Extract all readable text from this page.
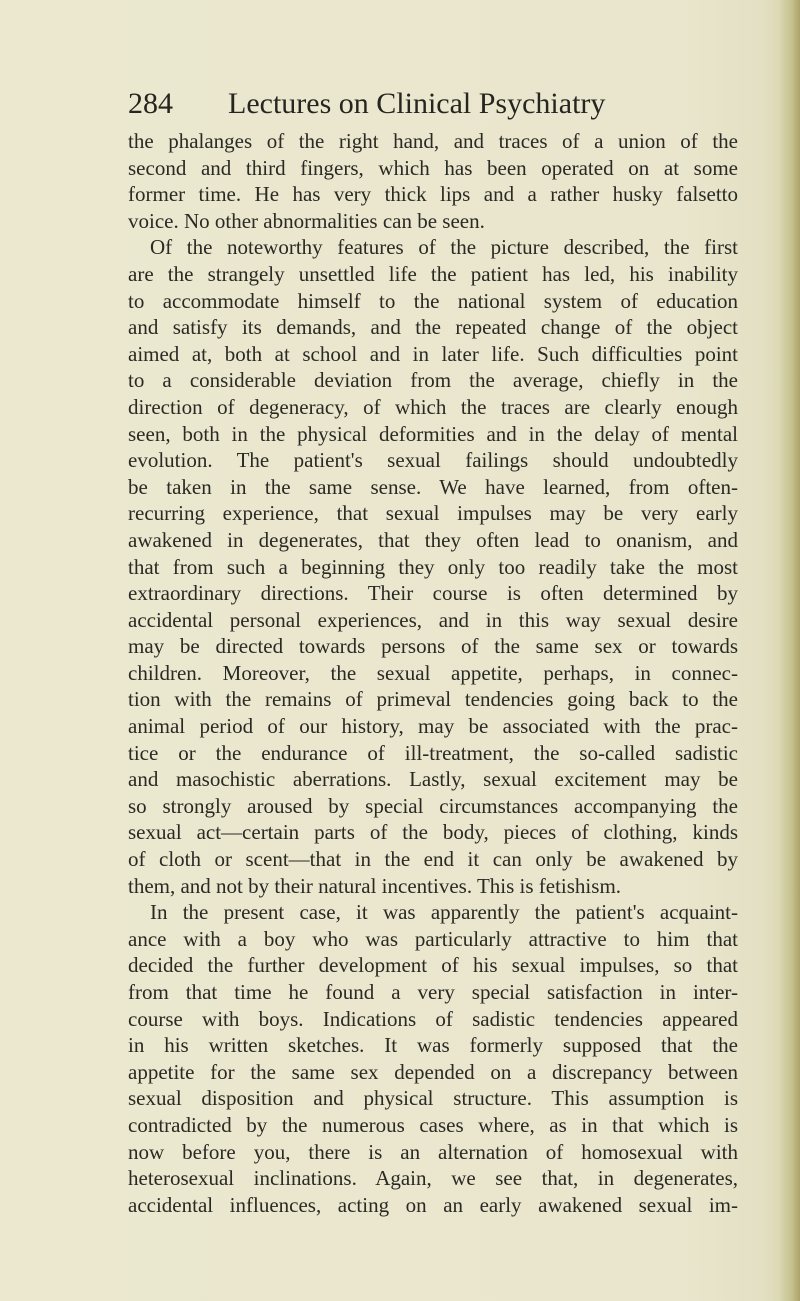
284 Lectures on Clinical Psychiatry
the phalanges of the right hand, and traces of a union of the
second and third fingers, which has been operated on at some
former time. He has very thick lips and a rather husky falsetto
voice. No other abnormalities can be seen.
Of the noteworthy features of the picture described, the first
are the strangely unsettled life the patient has led, his inability
to accommodate himself to the national system of education
and satisfy its demands, and the repeated change of the object
aimed at, both at school and in later life. Such difficulties point
to a considerable deviation from the average, chiefly in the
direction of degeneracy, of which the traces are clearly enough
seen, both in the physical deformities and in the delay of mental
evolution. The patient's sexual failings should undoubtedly
be taken in the same sense. We have learned, from often-
recurring experience, that sexual impulses may be very early
awakened in degenerates, that they often lead to onanism, and
that from such a beginning they only too readily take the most
extraordinary directions. Their course is often determined by
accidental personal experiences, and in this way sexual desire
may be directed towards persons of the same sex or towards
children. Moreover, the sexual appetite, perhaps, in connec-
tion with the remains of primeval tendencies going back to the
animal period of our history, may be associated with the prac-
tice or the endurance of ill-treatment, the so-called sadistic
and masochistic aberrations. Lastly, sexual excitement may be
so strongly aroused by special circumstances accompanying the
sexual act—certain parts of the body, pieces of clothing, kinds
of cloth or scent—that in the end it can only be awakened by
them, and not by their natural incentives. This is fetishism.
In the present case, it was apparently the patient's acquaint-
ance with a boy who was particularly attractive to him that
decided the further development of his sexual impulses, so that
from that time he found a very special satisfaction in inter-
course with boys. Indications of sadistic tendencies appeared
in his written sketches. It was formerly supposed that the
appetite for the same sex depended on a discrepancy between
sexual disposition and physical structure. This assumption is
contradicted by the numerous cases where, as in that which is
now before you, there is an alternation of homosexual with
heterosexual inclinations. Again, we see that, in degenerates,
accidental influences, acting on an early awakened sexual im-
